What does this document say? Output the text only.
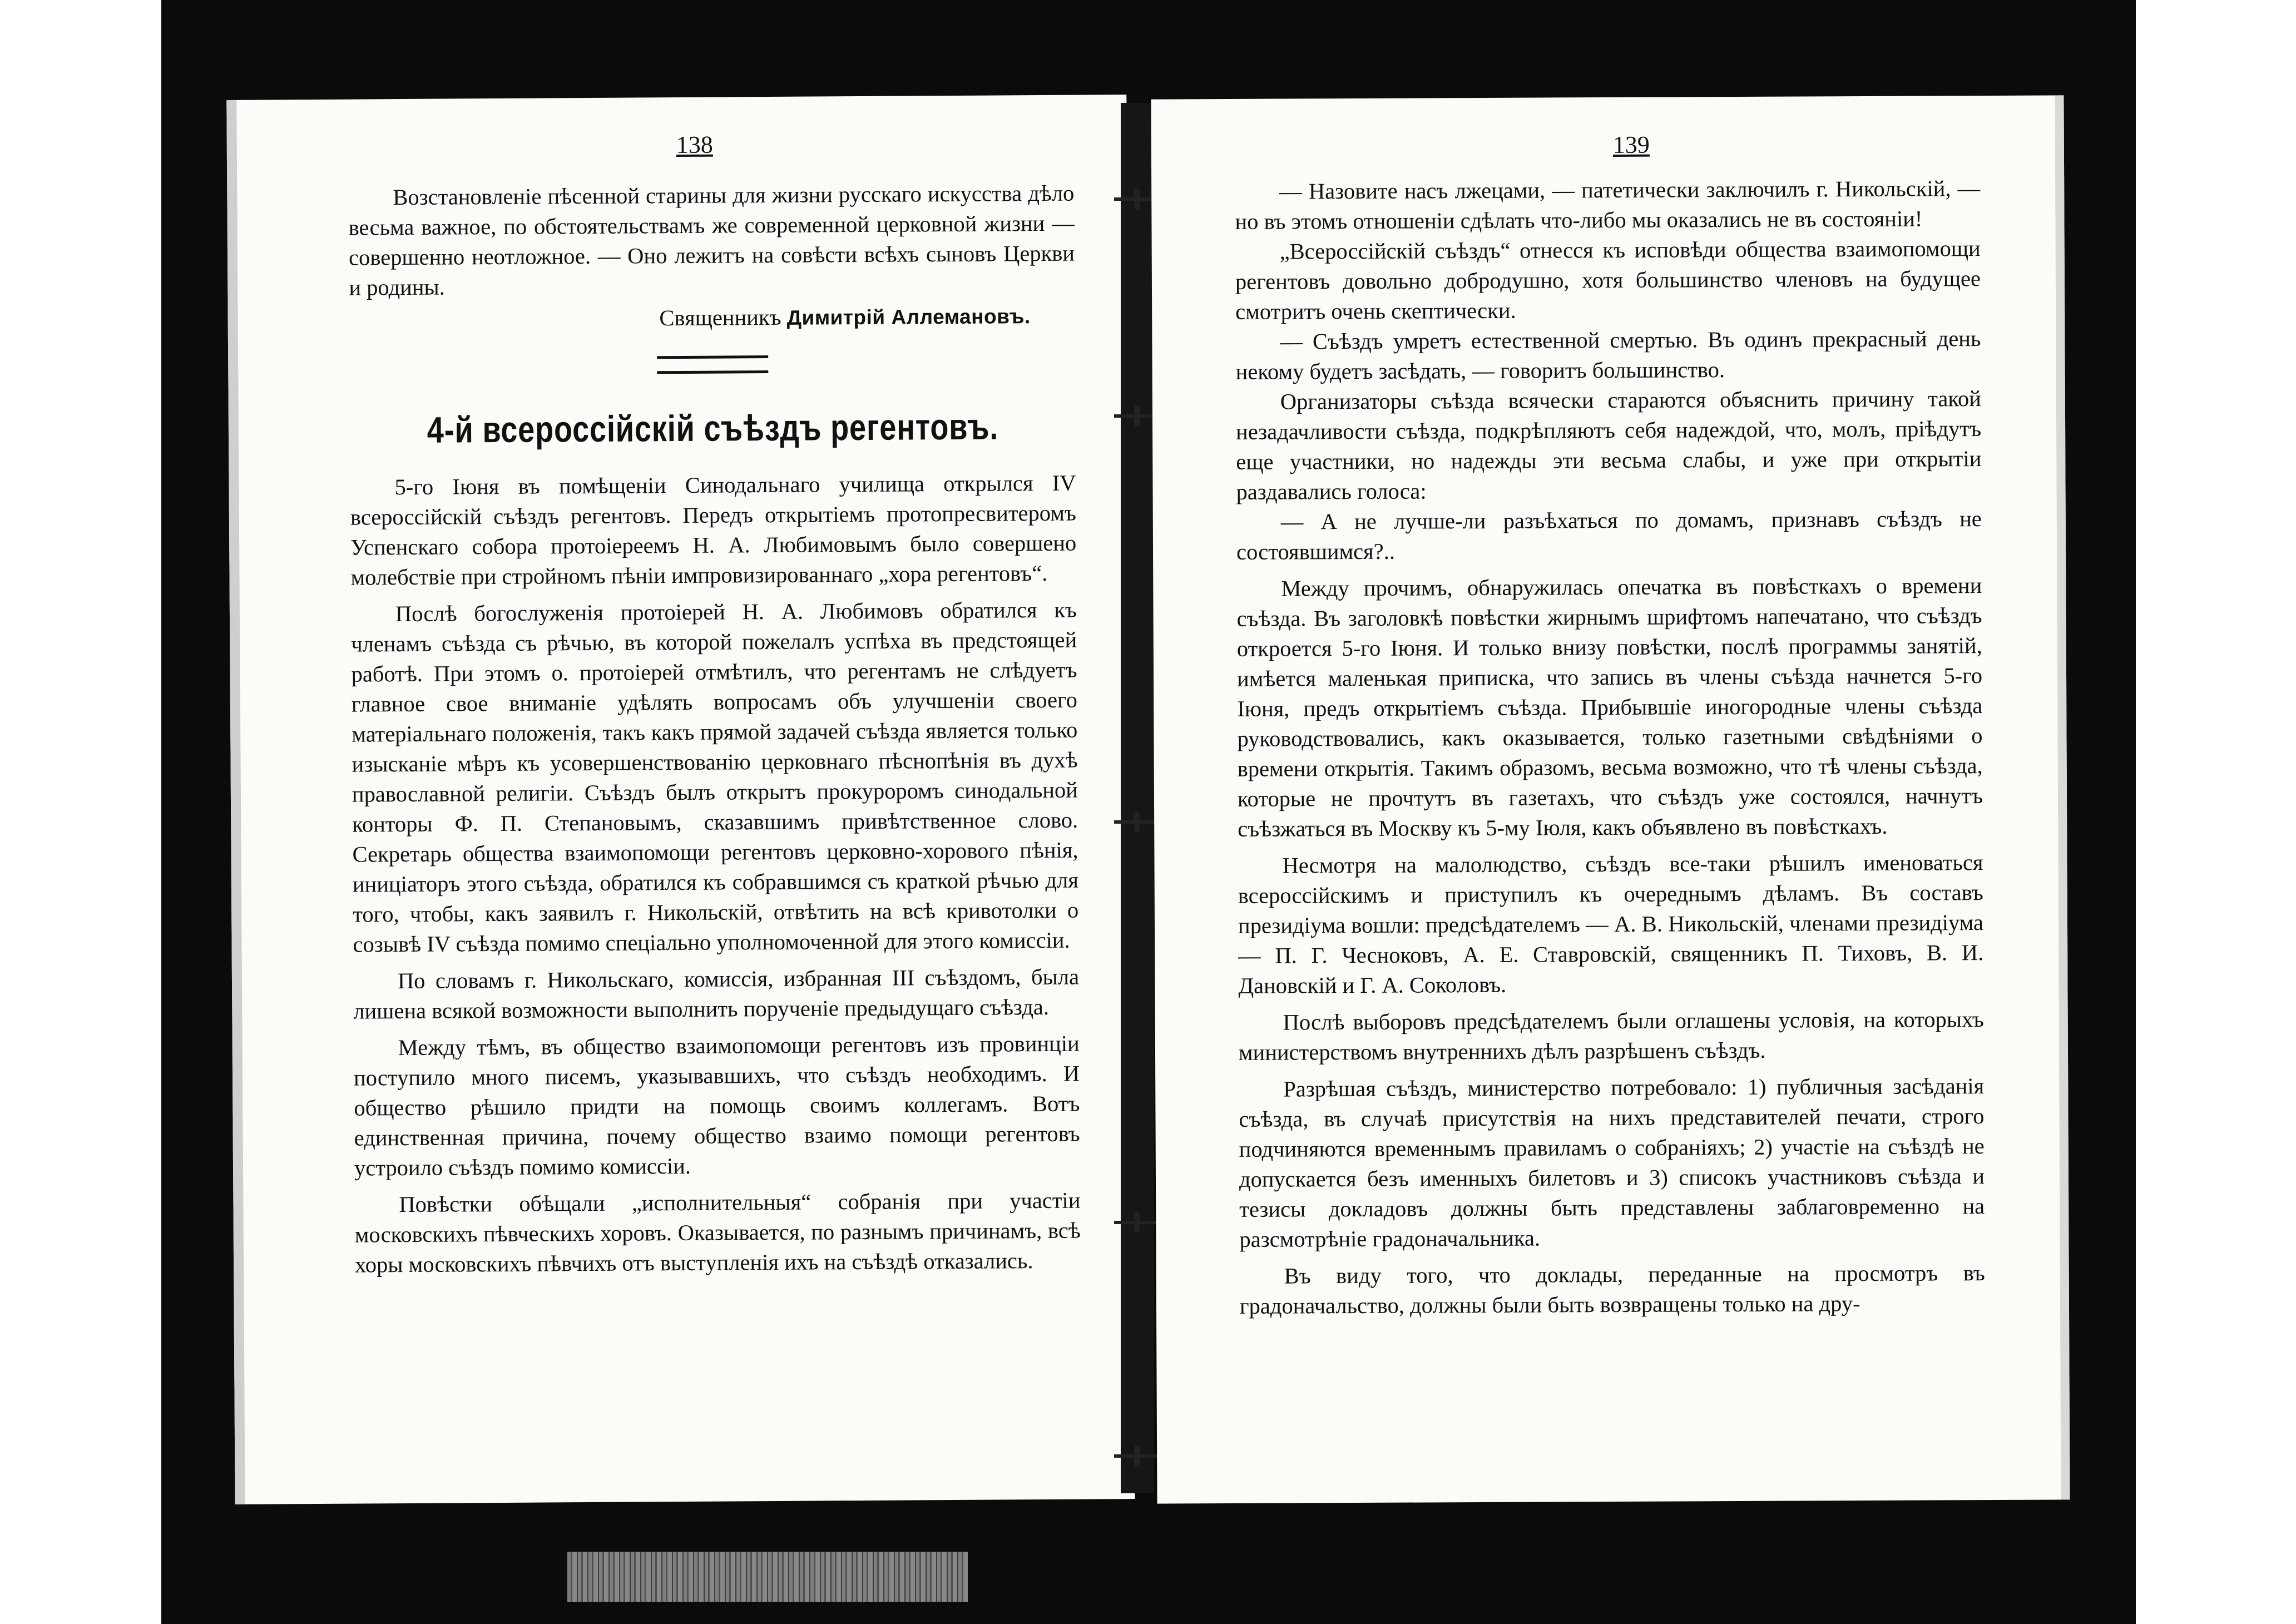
138

Возстановленіе пѣсенной старины для жизни русскаго искусства дѣло весьма важное, по обстоятельствамъ же современной церковной жизни — совершенно неотложное. — Оно лежитъ на совѣсти всѣхъ сыновъ Церкви и родины.

Священникъ Димитрій Аллемановъ.

4-й всероссійскій съѣздъ регентовъ.

5-го Іюня въ помѣщеніи Синодальнаго училища открылся IV всероссійскій съѣздъ регентовъ. Передъ открытіемъ протопресвитеромъ Успенскаго собора протоіереемъ Н. А. Любимовымъ было совершено молебствіе при стройномъ пѣніи импровизированнаго „хора регентовъ“.

Послѣ богослуженія протоіерей Н. А. Любимовъ обратился къ членамъ съѣзда съ рѣчью, въ которой пожелалъ успѣха въ предстоящей работѣ. При этомъ о. протоіерей отмѣтилъ, что регентамъ не слѣдуетъ главное свое вниманіе удѣлять вопросамъ объ улучшеніи своего матеріальнаго положенія, такъ какъ прямой задачей съѣзда является только изысканіе мѣръ къ усовершенствованію церковнаго пѣснопѣнія въ духѣ православной религіи. Съѣздъ былъ открытъ прокуроромъ синодальной конторы Ф. П. Степановымъ, сказавшимъ привѣтственное слово. Секретарь общества взаимопомощи регентовъ церковно-хорового пѣнія, иниціаторъ этого съѣзда, обратился къ собравшимся съ краткой рѣчью для того, чтобы, какъ заявилъ г. Никольскій, отвѣтить на всѣ кривотолки о созывѣ IV съѣзда помимо спеціально уполномоченной для этого комиссіи.

По словамъ г. Никольскаго, комиссія, избранная III съѣздомъ, была лишена всякой возможности выполнить порученіе предыдущаго съѣзда.

Между тѣмъ, въ общество взаимопомощи регентовъ изъ провинціи поступило много писемъ, указывавшихъ, что съѣздъ необходимъ. И общество рѣшило придти на помощь своимъ коллегамъ. Вотъ единственная причина, почему общество взаимо помощи регентовъ устроило съѣздъ помимо комиссіи.

Повѣстки обѣщали „исполнительныя“ собранія при участіи московскихъ пѣвческихъ хоровъ. Оказывается, по разнымъ причинамъ, всѣ хоры московскихъ пѣвчихъ отъ выступленія ихъ на съѣздѣ отказались.

139

— Назовите насъ лжецами, — патетически заключилъ г. Никольскій, — но въ этомъ отношеніи сдѣлать что-либо мы оказались не въ состояніи!

„Всероссійскій съѣздъ“ отнесся къ исповѣди общества взаимопомощи регентовъ довольно добродушно, хотя большинство членовъ на будущее смотритъ очень скептически.

— Съѣздъ умретъ естественной смертью. Въ одинъ прекрасный день некому будетъ засѣдать, — говоритъ большинство.

Организаторы съѣзда всячески стараются объяснить причину такой незадачливости съѣзда, подкрѣпляютъ себя надеждой, что, молъ, пріѣдутъ еще участники, но надежды эти весьма слабы, и уже при открытіи раздавались голоса:

— А не лучше-ли разъѣхаться по домамъ, признавъ съѣздъ не состоявшимся?..

Между прочимъ, обнаружилась опечатка въ повѣсткахъ о времени съѣзда. Въ заголовкѣ повѣстки жирнымъ шрифтомъ напечатано, что съѣздъ откроется 5-го Іюня. И только внизу повѣстки, послѣ программы занятій, имѣется маленькая приписка, что запись въ члены съѣзда начнется 5-го Іюня, предъ открытіемъ съѣзда. Прибывшіе иногородные члены съѣзда руководствовались, какъ оказывается, только газетными свѣдѣніями о времени открытія. Такимъ образомъ, весьма возможно, что тѣ члены съѣзда, которые не прочтутъ въ газетахъ, что съѣздъ уже состоялся, начнутъ съѣзжаться въ Москву къ 5-му Іюля, какъ объявлено въ повѣсткахъ.

Несмотря на малолюдство, съѣздъ все-таки рѣшилъ именоваться всероссійскимъ и приступилъ къ очереднымъ дѣламъ. Въ составъ президіума вошли: предсѣдателемъ — А. В. Никольскій, членами президіума — П. Г. Чесноковъ, А. Е. Ставровскій, священникъ П. Тиховъ, В. И. Дановскій и Г. А. Соколовъ.

Послѣ выборовъ предсѣдателемъ были оглашены условія, на которыхъ министерствомъ внутреннихъ дѣлъ разрѣшенъ съѣздъ.

Разрѣшая съѣздъ, министерство потребовало: 1) публичныя засѣданія съѣзда, въ случаѣ присутствія на нихъ представителей печати, строго подчиняются временнымъ правиламъ о собраніяхъ; 2) участіе на съѣздѣ не допускается безъ именныхъ билетовъ и 3) списокъ участниковъ съѣзда и тезисы докладовъ должны быть представлены заблаговременно на разсмотрѣніе градоначальника.

Въ виду того, что доклады, переданные на просмотръ въ градоначальство, должны были быть возвращены только на дру-
